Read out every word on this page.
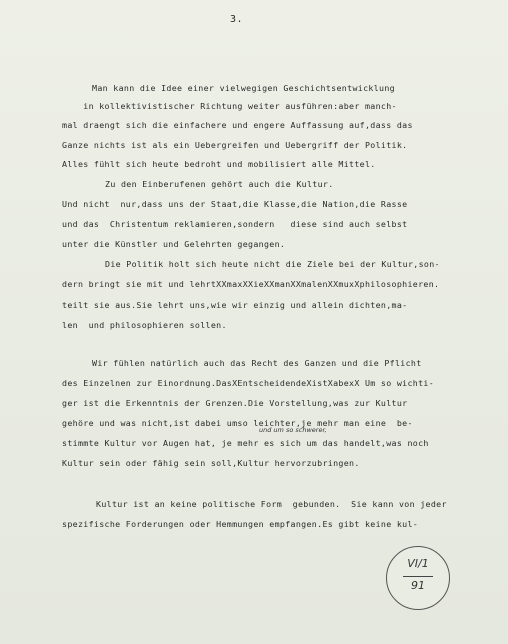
3.
Man kann die Idee einer vielwegigen Geschichtsentwicklung
in kollektivistischer Richtung weiter ausführen:aber manch-
mal draengt sich die einfachere und engere Auffassung auf,dass das
Ganze nichts ist als ein Uebergreifen und Uebergriff der Politik.
Alles fühlt sich heute bedroht und mobilisiert alle Mittel.
Zu den Einberufenen gehört auch die Kultur.
Und nicht  nur,dass uns der Staat,die Klasse,die Nation,die Rasse
und das  Christentum reklamieren,sondern   diese sind auch selbst
unter die Künstler und Gelehrten gegangen.
Die Politik holt sich heute nicht die Ziele bei der Kultur,son-
dern bringt sie mit und lehrtXXmaxXXieXXmanXXmalenXXmuxXphilosophieren.
teilt sie aus.Sie lehrt uns,wie wir einzig und allein dichten,ma-
len  und philosophieren sollen.
Wir fühlen natürlich auch das Recht des Ganzen und die Pflicht
des Einzelnen zur Einordnung.DasXEntscheidendeXistXabexX Um so wichti-
ger ist die Erkenntnis der Grenzen.Die Vorstellung,was zur Kultur
gehöre und was nicht,ist dabei umso leichter,je mehr man eine  be-
stimmte Kultur vor Augen hat, je mehr es sich um das handelt,was noch
Kultur sein oder fähig sein soll,Kultur hervorzubringen.
Kultur ist an keine politische Form  gebunden.  Sie kann von jeder
spezifische Forderungen oder Hemmungen empfangen.Es gibt keine kul-
und um so schwerer,
VI/1
91
